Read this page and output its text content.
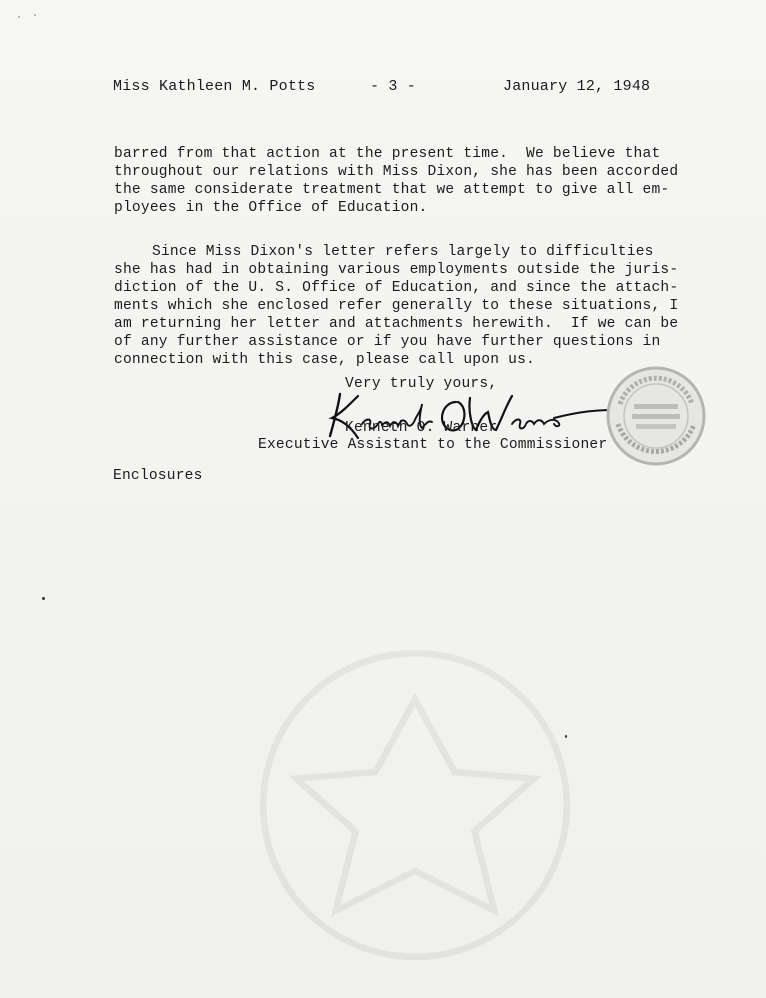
Miss Kathleen M. Potts	- 3 -	January 12, 1948
barred from that action at the present time.  We believe that
throughout our relations with Miss Dixon, she has been accorded
the same considerate treatment that we attempt to give all em-
ployees in the Office of Education.
Since Miss Dixon's letter refers largely to difficulties
she has had in obtaining various employments outside the juris-
diction of the U. S. Office of Education, and since the attach-
ments which she enclosed refer generally to these situations, I
am returning her letter and attachments herewith.  If we can be
of any further assistance or if you have further questions in
connection with this case, please call upon us.
Very truly yours,
Kenneth O. Warner
Executive Assistant to the Commissioner
Enclosures
